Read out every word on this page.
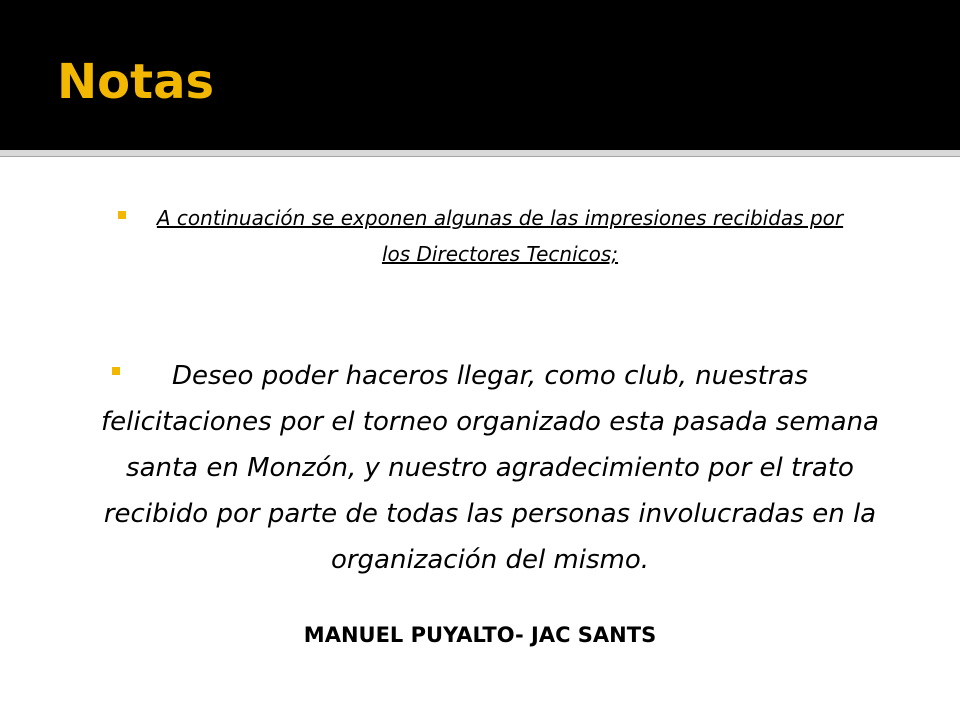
Notas

A continuación se exponen algunas de las impresiones recibidas por los Directores Tecnicos;

Deseo poder haceros llegar, como club, nuestras felicitaciones por el torneo organizado esta pasada semana santa en Monzón, y nuestro agradecimiento por el trato recibido por parte de todas las personas involucradas en la organización del mismo.

MANUEL PUYALTO- JAC SANTS
